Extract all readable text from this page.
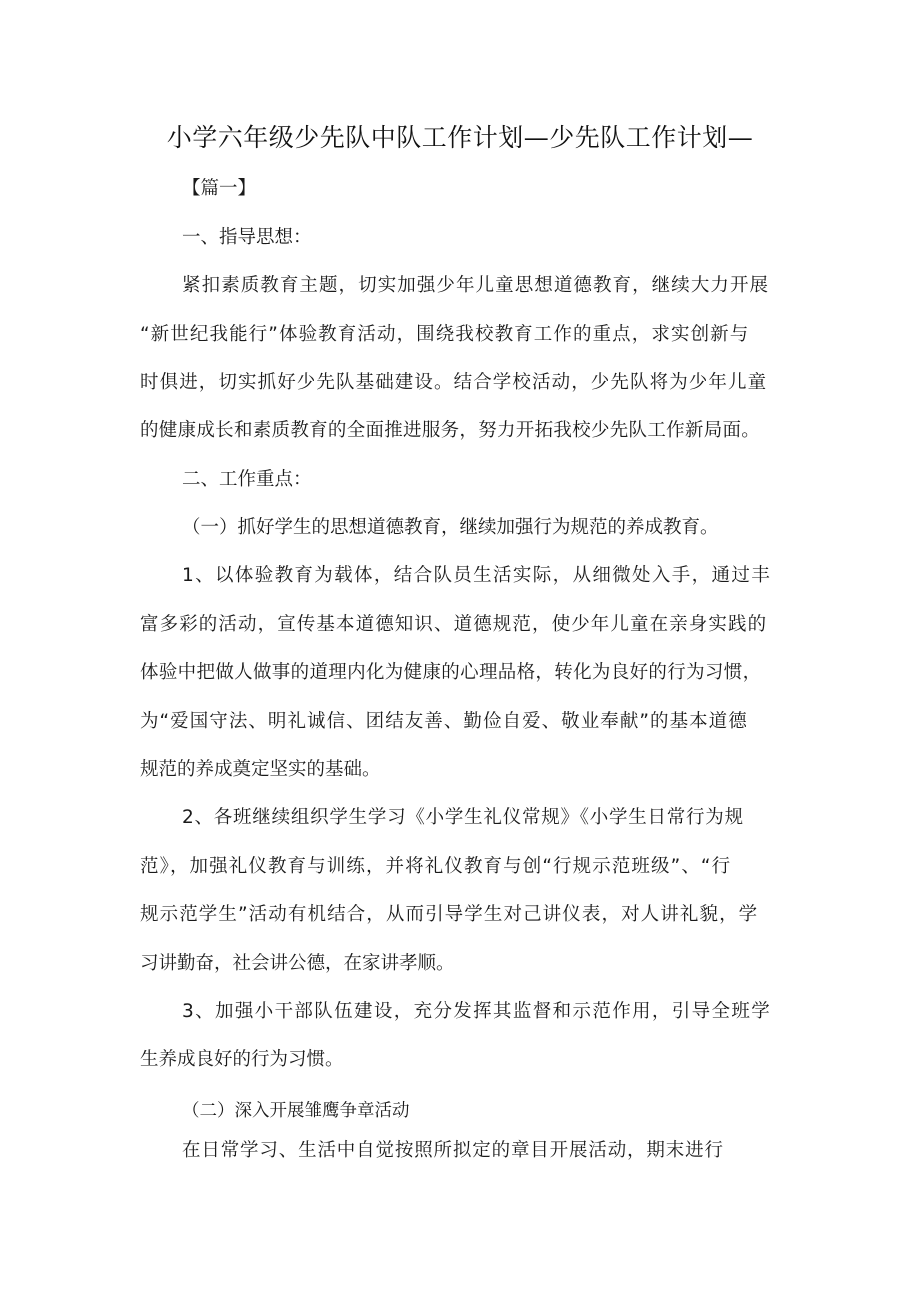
小学六年级少先队中队工作计划—少先队工作计划—
【篇一】
一、指导思想：
紧扣素质教育主题，切实加强少年儿童思想道德教育，继续大力开展
“新世纪我能行”体验教育活动，围绕我校教育工作的重点，求实创新与
时俱进，切实抓好少先队基础建设。结合学校活动，少先队将为少年儿童
的健康成长和素质教育的全面推进服务，努力开拓我校少先队工作新局面。
二、工作重点：
（一）抓好学生的思想道德教育，继续加强行为规范的养成教育。
1、以体验教育为载体，结合队员生活实际，从细微处入手，通过丰
富多彩的活动，宣传基本道德知识、道德规范，使少年儿童在亲身实践的
体验中把做人做事的道理内化为健康的心理品格，转化为良好的行为习惯，
为“爱国守法、明礼诚信、团结友善、勤俭自爱、敬业奉献”的基本道德
规范的养成奠定坚实的基础。
2、各班继续组织学生学习《小学生礼仪常规》《小学生日常行为规
范》，加强礼仪教育与训练，并将礼仪教育与创“行规示范班级”、“行
规示范学生”活动有机结合，从而引导学生对己讲仪表，对人讲礼貌，学
习讲勤奋，社会讲公德，在家讲孝顺。
3、加强小干部队伍建设，充分发挥其监督和示范作用，引导全班学
生养成良好的行为习惯。
（二）深入开展雏鹰争章活动
在日常学习、生活中自觉按照所拟定的章目开展活动，期末进行
